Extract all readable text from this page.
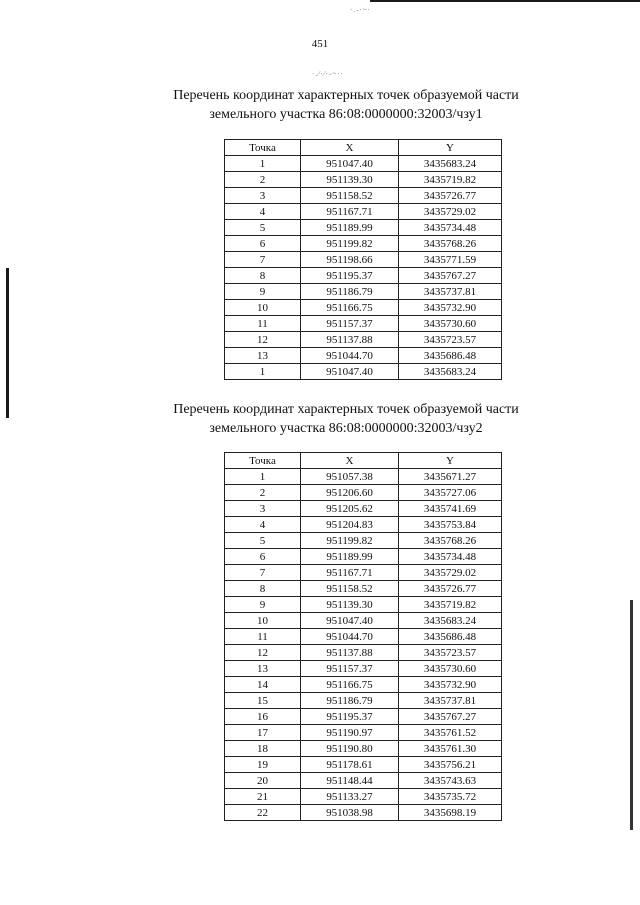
·.-·~·
·.⁄·⁄·‑~··
451
Перечень координат характерных точек образуемой части
земельного участка 86:08:0000000:32003/чзу1
Точка	X	Y
1	951047.40	3435683.24
2	951139.30	3435719.82
3	951158.52	3435726.77
4	951167.71	3435729.02
5	951189.99	3435734.48
6	951199.82	3435768.26
7	951198.66	3435771.59
8	951195.37	3435767.27
9	951186.79	3435737.81
10	951166.75	3435732.90
11	951157.37	3435730.60
12	951137.88	3435723.57
13	951044.70	3435686.48
1	951047.40	3435683.24
Перечень координат характерных точек образуемой части
земельного участка 86:08:0000000:32003/чзу2
Точка	X	Y
1	951057.38	3435671.27
2	951206.60	3435727.06
3	951205.62	3435741.69
4	951204.83	3435753.84
5	951199.82	3435768.26
6	951189.99	3435734.48
7	951167.71	3435729.02
8	951158.52	3435726.77
9	951139.30	3435719.82
10	951047.40	3435683.24
11	951044.70	3435686.48
12	951137.88	3435723.57
13	951157.37	3435730.60
14	951166.75	3435732.90
15	951186.79	3435737.81
16	951195.37	3435767.27
17	951190.97	3435761.52
18	951190.80	3435761.30
19	951178.61	3435756.21
20	951148.44	3435743.63
21	951133.27	3435735.72
22	951038.98	3435698.19
